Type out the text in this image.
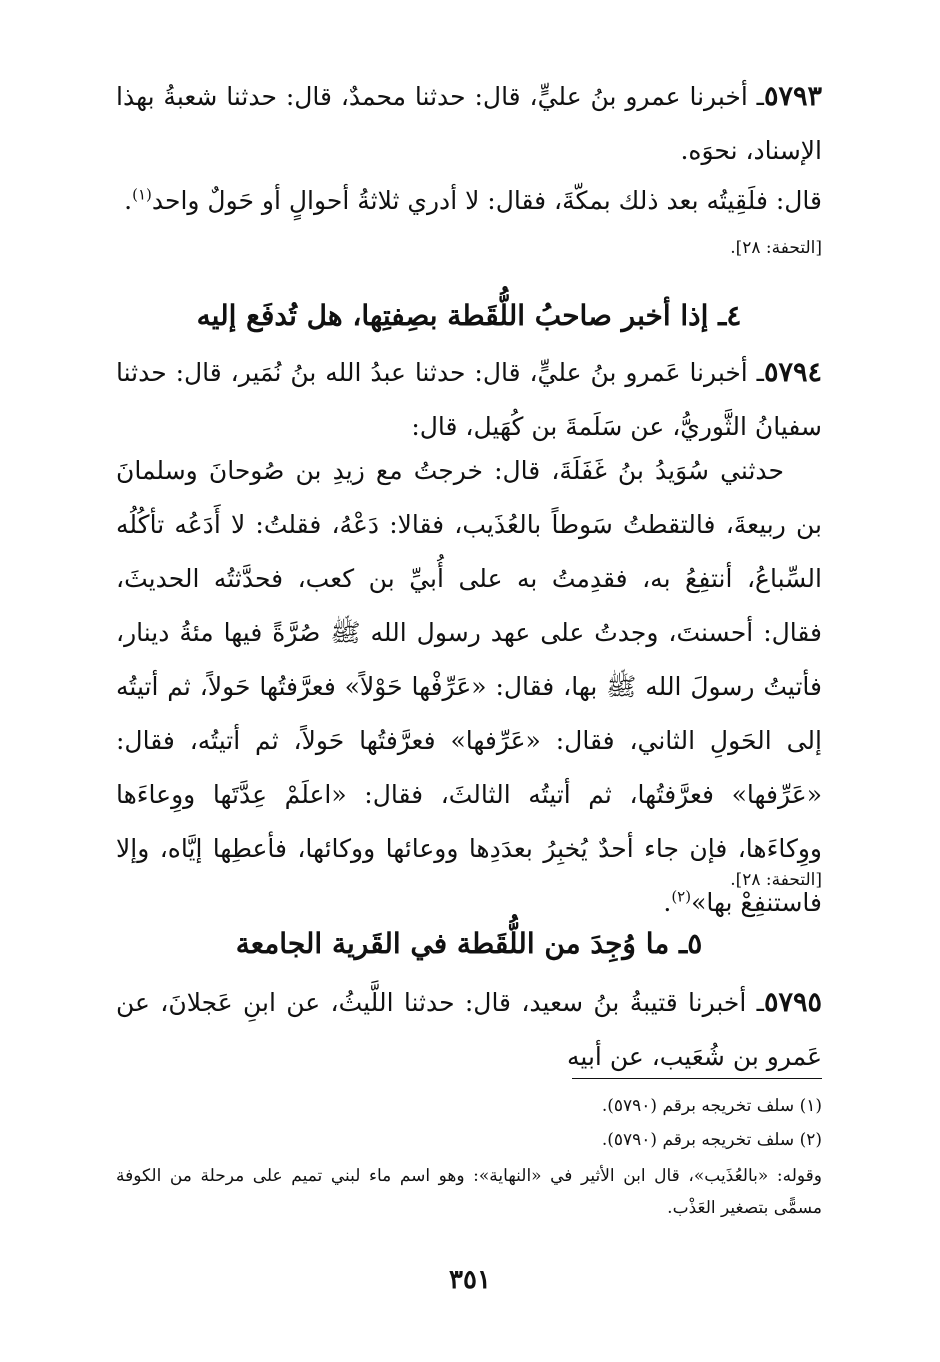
٥٧٩٣ـ أخبرنا عمرو بنُ عليٍّ، قال: حدثنا محمدٌ، قال: حدثنا شعبةُ بهذا الإسناد، نحوَه.
قال: فلَقِيتُه بعد ذلك بمكّةَ، فقال: لا أدري ثلاثةُ أحوالٍ أو حَولٌ واحد$^{(١)}$.
[التحفة: ٢٨].
٤ـ إذا أخبر صاحبُ اللُّقَطة بصِفتِها، هل تُدفَع إليه
٥٧٩٤ـ أخبرنا عَمرو بنُ عليٍّ، قال: حدثنا عبدُ الله بنُ نُمَير، قال: حدثنا سفيانُ الثَّوريُّ، عن سَلَمةَ بن كُهَيل، قال:
حدثني سُوَيدُ بنُ غَفَلَةَ، قال: خرجتُ مع زيدِ بن صُوحانَ وسلمانَ بن ربيعةَ، فالتقطتُ سَوطاً بالعُذَيب، فقالا: دَعْهُ، فقلتُ: لا أَدَعُه تأكُلُه السِّباعُ، أنتفِعُ به، فقدِمتُ به على أُبيِّ بن كعب، فحدَّثتُه الحديثَ، فقال: أحسنتَ، وجدتُ على عهد رسول الله ﷺ صُرَّةً فيها مئةُ دينار، فأتيتُ رسولَ الله ﷺ بها، فقال: «عَرِّفْها حَوْلاً» فعرَّفتُها حَولاً، ثم أتيتُه إلى الحَولِ الثاني، فقال: «عَرِّفها» فعرَّفتُها حَولاً، ثم أتيتُه، فقال: «عَرِّفها» فعرَّفتُها، ثم أتيتُه الثالثَ، فقال: «اعلَمْ عِدَّتَها ووِعاءَها ووِكاءَها، فإن جاء أحدٌ يُخبِرُ بعدَدِها ووعائها ووكائها، فأعطِها إيَّاه، وإلا فاستنفِعْ بها»$^{(٢)}$.
[التحفة: ٢٨].
٥ـ ما وُجِدَ من اللُّقَطة في القَرية الجامعة
٥٧٩٥ـ أخبرنا قتيبةُ بنُ سعيد، قال: حدثنا اللَّيثُ، عن ابنِ عَجلانَ، عن عَمرو بن شُعَيب، عن أبيه
(١) سلف تخريجه برقم (٥٧٩٠).
(٢) سلف تخريجه برقم (٥٧٩٠).
وقوله: «بالعُذَيب»، قال ابن الأثير في «النهاية»: وهو اسم ماء لبني تميم على مرحلة من الكوفة مسمًّى بتصغير العَذْب.
٣٥١
